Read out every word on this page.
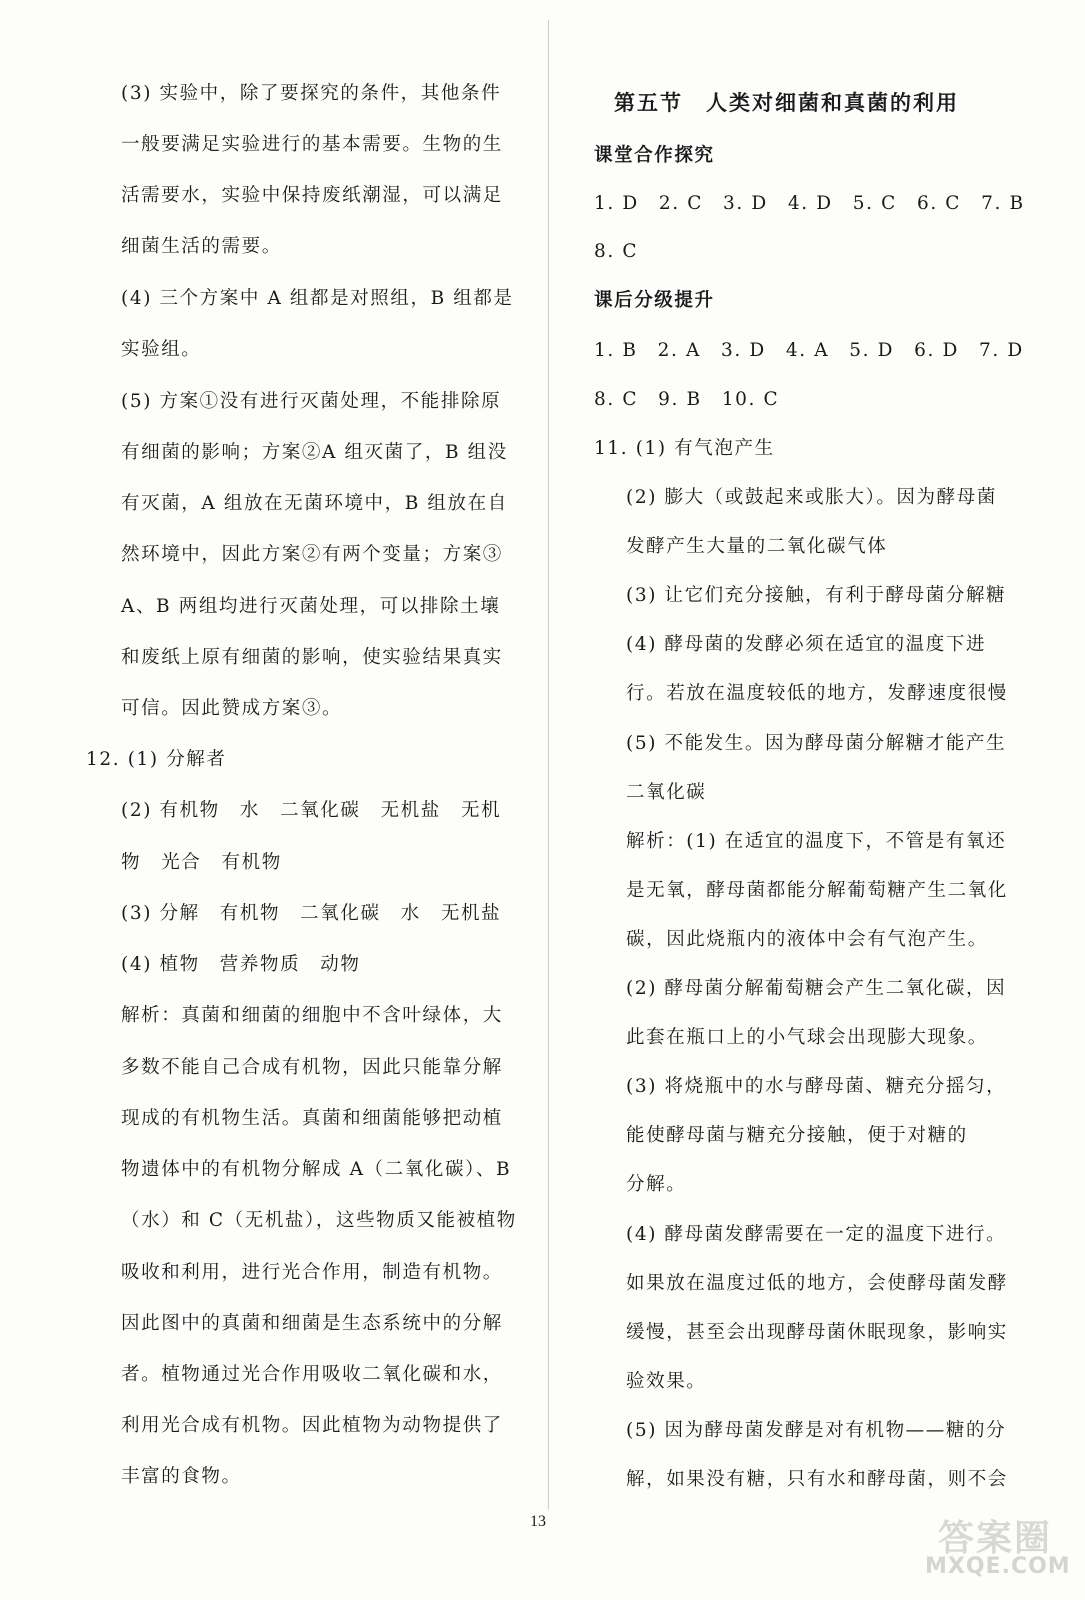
(3) 实验中，除了要探究的条件，其他条件
一般要满足实验进行的基本需要。生物的生
活需要水，实验中保持废纸潮湿，可以满足
细菌生活的需要。
(4) 三个方案中 A 组都是对照组，B 组都是
实验组。
(5) 方案①没有进行灭菌处理，不能排除原
有细菌的影响；方案②A 组灭菌了，B 组没
有灭菌，A 组放在无菌环境中，B 组放在自
然环境中，因此方案②有两个变量；方案③
A、B 两组均进行灭菌处理，可以排除土壤
和废纸上原有细菌的影响，使实验结果真实
可信。因此赞成方案③。
12. (1) 分解者
(2) 有机物　水　二氧化碳　无机盐　无机
物　光合　有机物
(3) 分解　有机物　二氧化碳　水　无机盐
(4) 植物　营养物质　动物
解析：真菌和细菌的细胞中不含叶绿体，大
多数不能自己合成有机物，因此只能靠分解
现成的有机物生活。真菌和细菌能够把动植
物遗体中的有机物分解成 A（二氧化碳）、B
（水）和 C（无机盐），这些物质又能被植物
吸收和利用，进行光合作用，制造有机物。
因此图中的真菌和细菌是生态系统中的分解
者。植物通过光合作用吸收二氧化碳和水，
利用光合成有机物。因此植物为动物提供了
丰富的食物。
第五节　人类对细菌和真菌的利用
课堂合作探究
1. D　2. C　3. D　4. D　5. C　6. C　7. B
8. C
课后分级提升
1. B　2. A　3. D　4. A　5. D　6. D　7. D
8. C　9. B　10. C
11. (1) 有气泡产生
(2) 膨大（或鼓起来或胀大）。因为酵母菌
发酵产生大量的二氧化碳气体
(3) 让它们充分接触，有利于酵母菌分解糖
(4) 酵母菌的发酵必须在适宜的温度下进
行。若放在温度较低的地方，发酵速度很慢
(5) 不能发生。因为酵母菌分解糖才能产生
二氧化碳
解析：(1) 在适宜的温度下，不管是有氧还
是无氧，酵母菌都能分解葡萄糖产生二氧化
碳，因此烧瓶内的液体中会有气泡产生。
(2) 酵母菌分解葡萄糖会产生二氧化碳，因
此套在瓶口上的小气球会出现膨大现象。
(3) 将烧瓶中的水与酵母菌、糖充分摇匀，
能使酵母菌与糖充分接触，便于对糖的
分解。
(4) 酵母菌发酵需要在一定的温度下进行。
如果放在温度过低的地方，会使酵母菌发酵
缓慢，甚至会出现酵母菌休眠现象，影响实
验效果。
(5) 因为酵母菌发酵是对有机物——糖的分
解，如果没有糖，只有水和酵母菌，则不会
13	答案圈
MXQE.COM
